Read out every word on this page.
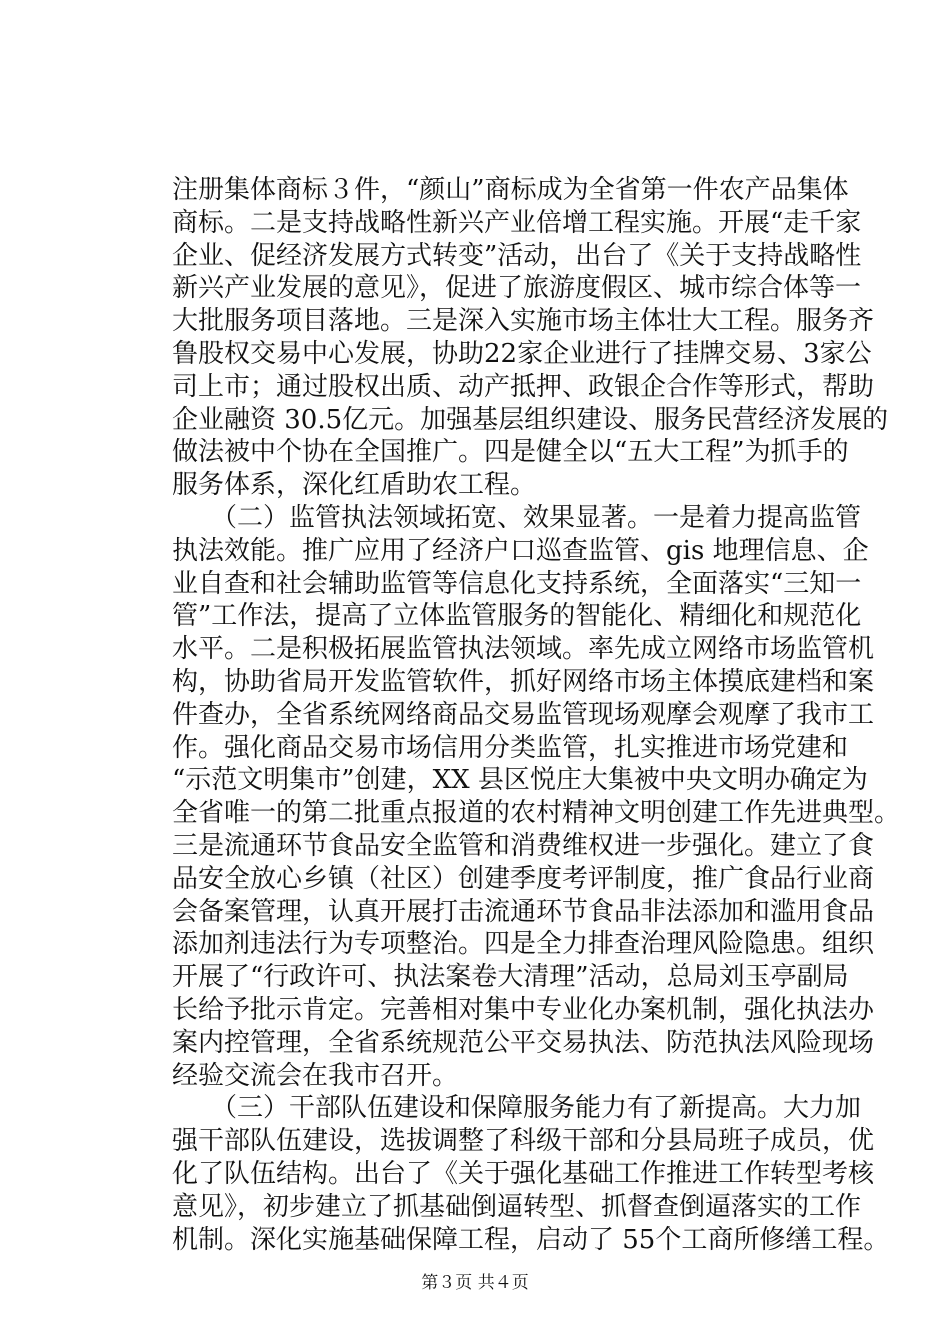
注册集体商标３件，“颜山”商标成为全省第一件农产品集体
商标。二是支持战略性新兴产业倍增工程实施。开展“走千家
企业、促经济发展方式转变”活动，出台了《关于支持战略性
新兴产业发展的意见》，促进了旅游度假区、城市综合体等一
大批服务项目落地。三是深入实施市场主体壮大工程。服务齐
鲁股权交易中心发展，协助22家企业进行了挂牌交易、3家公
司上市；通过股权出质、动产抵押、政银企合作等形式，帮助
企业融资 30.5亿元。加强基层组织建设、服务民营经济发展的
做法被中个协在全国推广。四是健全以“五大工程”为抓手的
服务体系，深化红盾助农工程。
　　（二）监管执法领域拓宽、效果显著。一是着力提高监管
执法效能。推广应用了经济户口巡查监管、gis 地理信息、企
业自查和社会辅助监管等信息化支持系统，全面落实“三知一
管”工作法，提高了立体监管服务的智能化、精细化和规范化
水平。二是积极拓展监管执法领域。率先成立网络市场监管机
构，协助省局开发监管软件，抓好网络市场主体摸底建档和案
件查办，全省系统网络商品交易监管现场观摩会观摩了我市工
作。强化商品交易市场信用分类监管，扎实推进市场党建和
“示范文明集市”创建，XX 县区悦庄大集被中央文明办确定为
全省唯一的第二批重点报道的农村精神文明创建工作先进典型。
三是流通环节食品安全监管和消费维权进一步强化。建立了食
品安全放心乡镇（社区）创建季度考评制度，推广食品行业商
会备案管理，认真开展打击流通环节食品非法添加和滥用食品
添加剂违法行为专项整治。四是全力排查治理风险隐患。组织
开展了“行政许可、执法案卷大清理”活动，总局刘玉亭副局
长给予批示肯定。完善相对集中专业化办案机制，强化执法办
案内控管理，全省系统规范公平交易执法、防范执法风险现场
经验交流会在我市召开。
　　（三）干部队伍建设和保障服务能力有了新提高。大力加
强干部队伍建设，选拔调整了科级干部和分县局班子成员，优
化了队伍结构。出台了《关于强化基础工作推进工作转型考核
意见》，初步建立了抓基础倒逼转型、抓督查倒逼落实的工作
机制。深化实施基础保障工程，启动了 55个工商所修缮工程。
第３页 共４页
